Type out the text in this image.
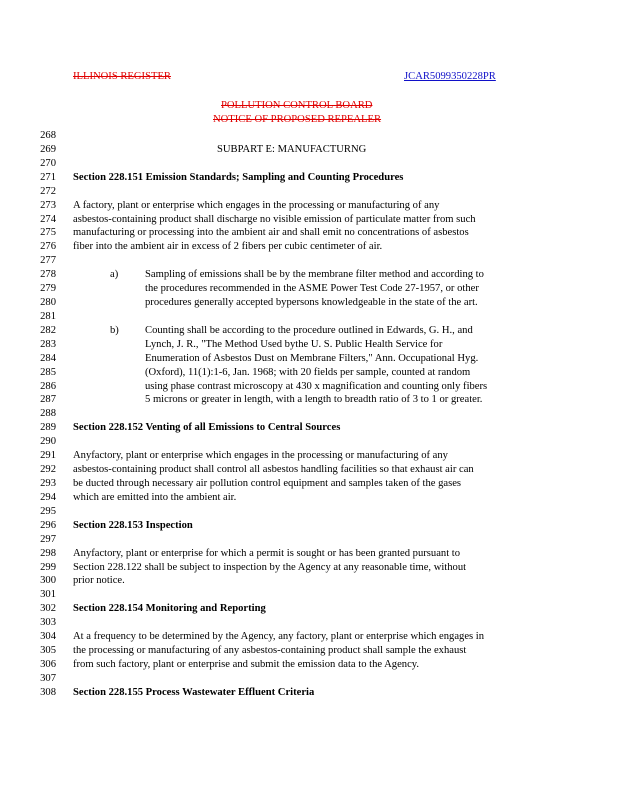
ILLINOIS REGISTER	JCAR5099350228PR
POLLUTION CONTROL BOARD
NOTICE OF PROPOSED REPEALER
268
269	SUBPART E: MANUFACTURNG
270
271 Section 228.151 Emission Standards; Sampling and Counting Procedures
272
273 A factory, plant or enterprise which engages in the processing or manufacturing of any
274 asbestos-containing product shall discharge no visible emission of particulate matter from such
275 manufacturing or processing into the ambient air and shall emit no concentrations of asbestos
276 fiber into the ambient air in excess of 2 fibers per cubic centimeter of air.
277
278	a)	Sampling of emissions shall be by the membrane filter method and according to
279	the procedures recommended in the ASME Power Test Code 27-1957, or other
280	procedures generally accepted bypersons knowledgeable in the state of the art.
281
282	b) Counting shall be according to the procedure outlined in Edwards, G. H., and
283	Lynch, J. R., "The Method Used bythe U. S. Public Health Service for
284	Enumeration of Asbestos Dust on Membrane Filters," Ann. Occupational Hyg.
285	(Oxford), 11(1):1-6, Jan. 1968; with 20 fields per sample, counted at random
286	using phase contrast microscopy at 430 x magnification and counting only fibers
287	5 microns or greater in length, with a length to breadth ratio of 3 to 1 or greater.
288
289 Section 228.152 Venting of all Emissions to Central Sources
290
291 Anyfactory, plant or enterprise which engages in the processing or manufacturing of any
292 asbestos-containing product shall control all asbestos handling facilities so that exhaust air can
293 be ducted through necessary air pollution control equipment and samples taken of the gases
294 which are emitted into the ambient air.
295
296 Section 228.153 Inspection
297
298 Anyfactory, plant or enterprise for which a permit is sought or has been granted pursuant to
299 Section 228.122 shall be subject to inspection by the Agency at any reasonable time, without
300 prior notice.
301
302 Section 228.154 Monitoring and Reporting
303
304 At a frequency to be determined by the Agency, any factory, plant or enterprise which engages in
305 the processing or manufacturing of any asbestos-containing product shall sample the exhaust
306 from such factory, plant or enterprise and submit the emission data to the Agency.
307
308 Section 228.155 Process Wastewater Effluent Criteria
